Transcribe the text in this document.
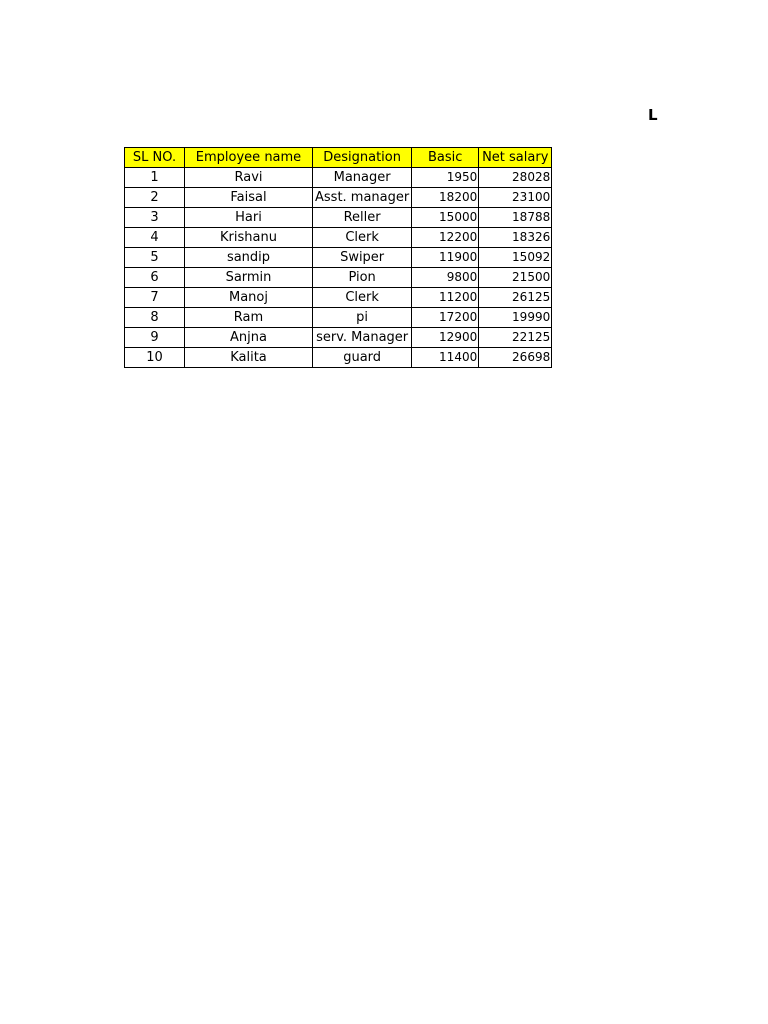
L
SL NO.	Employee name	Designation	Basic	Net salary
1	Ravi	Manager	1950	28028
2	Faisal	Asst. manager	18200	23100
3	Hari	Reller	15000	18788
4	Krishanu	Clerk	12200	18326
5	sandip	Swiper	11900	15092
6	Sarmin	Pion	9800	21500
7	Manoj	Clerk	11200	26125
8	Ram	pi	17200	19990
9	Anjna	serv. Manager	12900	22125
10	Kalita	guard	11400	26698
